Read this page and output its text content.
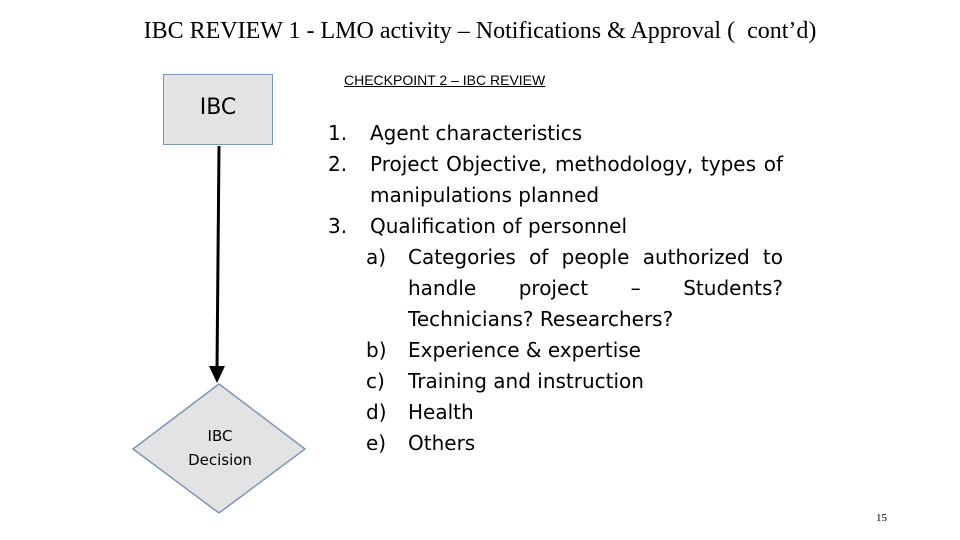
IBC REVIEW 1 - LMO activity – Notifications & Approval (  cont’d)
CHECKPOINT 2 – IBC REVIEW
IBC
IBC
Decision
1. Agent characteristics
2. Project Objective, methodology, types of manipulations planned
3. Qualification of personnel
a) Categories of people authorized to handle project – Students? Technicians? Researchers?
b) Experience & expertise
c) Training and instruction
d) Health
e) Others
15
